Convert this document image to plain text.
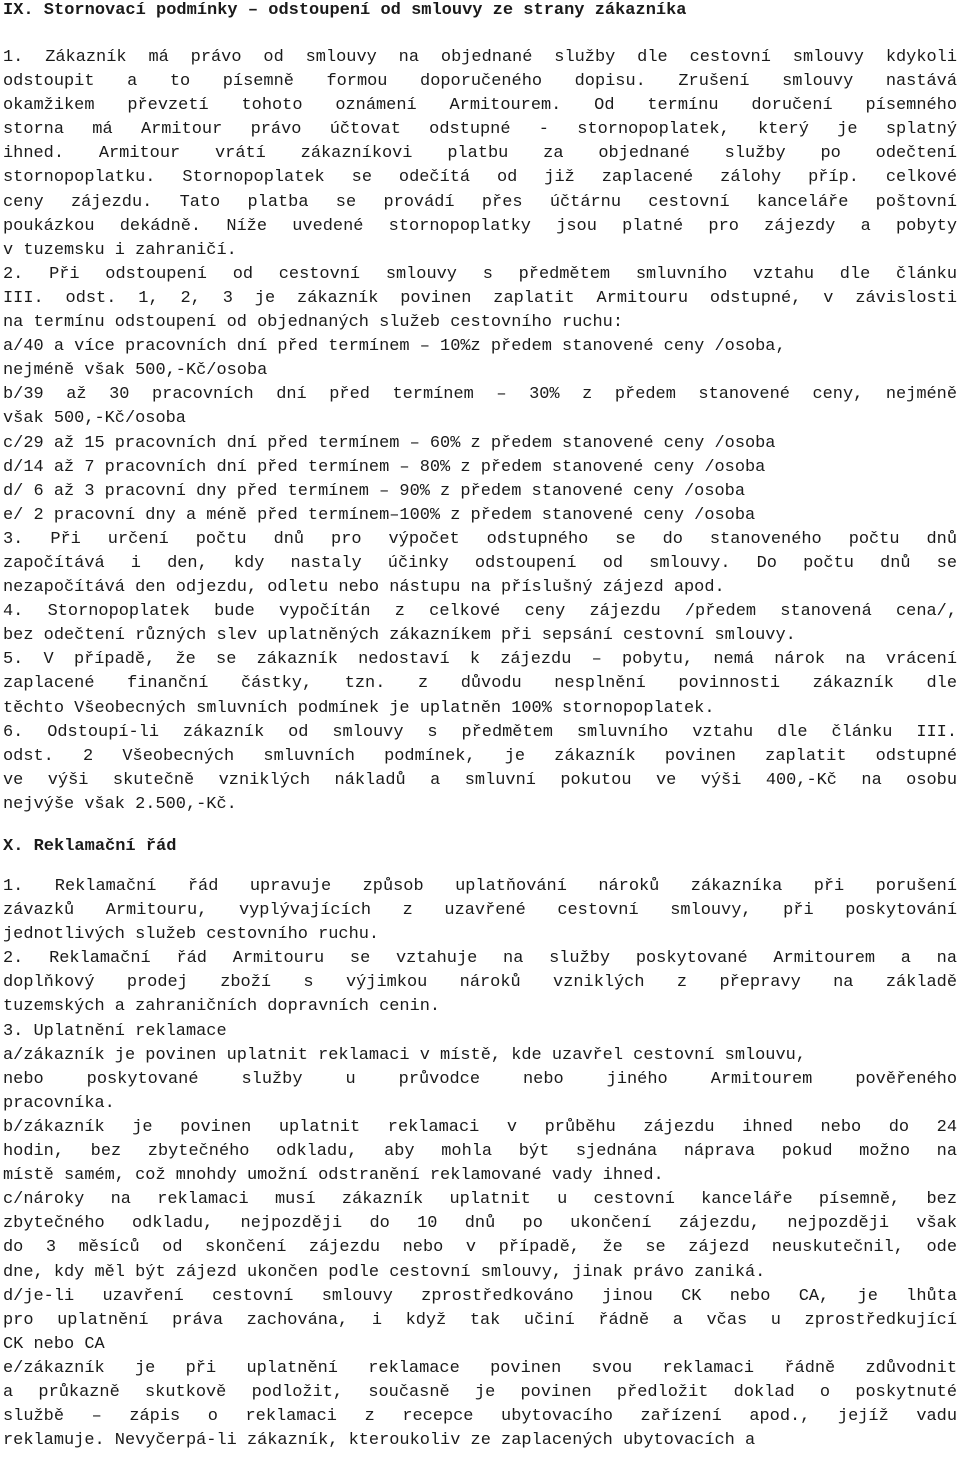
IX. Stornovací podmínky – odstoupení od smlouvy ze strany zákazníka
1. Zákazník má právo od smlouvy na objednané služby dle cestovní smlouvy kdykoli
odstoupit a to písemně formou doporučeného dopisu. Zrušení smlouvy nastává
okamžikem převzetí tohoto oznámení Armitourem. Od termínu doručení písemného
storna má Armitour právo účtovat odstupné - stornopoplatek, který je splatný
ihned. Armitour vrátí zákazníkovi platbu za objednané služby po odečtení
stornopoplatku. Stornopoplatek se odečítá od již zaplacené zálohy příp. celkové
ceny zájezdu. Tato platba se provádí přes účtárnu cestovní kanceláře poštovní
poukázkou dekádně. Níže uvedené stornopoplatky jsou platné pro zájezdy a pobyty
v tuzemsku i zahraničí.
2. Při odstoupení od cestovní smlouvy s předmětem smluvního vztahu dle článku
III. odst. 1, 2, 3 je zákazník povinen zaplatit Armitouru odstupné, v závislosti
na termínu odstoupení od objednaných služeb cestovního ruchu:
a/40 a více pracovních dní před termínem – 10%z předem stanovené ceny /osoba,
nejméně však 500,-Kč/osoba
b/39 až 30 pracovních dní před termínem – 30% z předem stanovené ceny, nejméně
však 500,-Kč/osoba
c/29 až 15 pracovních dní před termínem – 60% z předem stanovené ceny /osoba
d/14 až 7 pracovních dní před termínem – 80% z předem stanovené ceny /osoba
d/ 6 až 3 pracovní dny před termínem – 90% z předem stanovené ceny /osoba
e/ 2 pracovní dny a méně před termínem–100% z předem stanovené ceny /osoba
3. Při určení počtu dnů pro výpočet odstupného se do stanoveného počtu dnů
započítává i den, kdy nastaly účinky odstoupení od smlouvy. Do počtu dnů se
nezapočítává den odjezdu, odletu nebo nástupu na příslušný zájezd apod.
4. Stornopoplatek bude vypočítán z celkové ceny zájezdu /předem stanovená cena/,
bez odečtení různých slev uplatněných zákazníkem při sepsání cestovní smlouvy.
5. V případě, že se zákazník nedostaví k zájezdu – pobytu, nemá nárok na vrácení
zaplacené finanční částky, tzn. z důvodu nesplnění povinnosti zákazník dle
těchto Všeobecných smluvních podmínek je uplatněn 100% stornopoplatek.
6. Odstoupí-li zákazník od smlouvy s předmětem smluvního vztahu dle článku III.
odst. 2 Všeobecných smluvních podmínek, je zákazník povinen zaplatit odstupné
ve výši skutečně vzniklých nákladů a smluvní pokutou ve výši 400,-Kč na osobu
nejvýše však 2.500,-Kč.
X. Reklamační řád
1. Reklamační řád upravuje způsob uplatňování nároků zákazníka při porušení
závazků Armitouru, vyplývajících z uzavřené cestovní smlouvy, při poskytování
jednotlivých služeb cestovního ruchu.
2. Reklamační řád Armitouru se vztahuje na služby poskytované Armitourem a na
doplňkový prodej zboží s výjimkou nároků vzniklých z přepravy na základě
tuzemských a zahraničních dopravních cenin.
3. Uplatnění reklamace
a/zákazník je povinen uplatnit reklamaci v místě, kde uzavřel cestovní smlouvu,
nebo poskytované služby u průvodce nebo jiného Armitourem pověřeného
pracovníka.
b/zákazník je povinen uplatnit reklamaci v průběhu zájezdu ihned nebo do 24
hodin, bez zbytečného odkladu, aby mohla být sjednána náprava pokud možno na
místě samém, což mnohdy umožní odstranění reklamované vady ihned.
c/nároky na reklamaci musí zákazník uplatnit u cestovní kanceláře písemně, bez
zbytečného odkladu, nejpozději do 10 dnů po ukončení zájezdu, nejpozději však
do 3 měsíců od skončení zájezdu nebo v případě, že se zájezd neuskutečnil, ode
dne, kdy měl být zájezd ukončen podle cestovní smlouvy, jinak právo zaniká.
d/je-li uzavření cestovní smlouvy zprostředkováno jinou CK nebo CA, je lhůta
pro uplatnění práva zachována, i když tak učiní řádně a včas u zprostředkující
CK nebo CA
e/zákazník je při uplatnění reklamace povinen svou reklamaci řádně zdůvodnit
a průkazně skutkově podložit, současně je povinen předložit doklad o poskytnuté
službě – zápis o reklamaci z recepce ubytovacího zařízení apod., jejíž vadu
reklamuje. Nevyčerpá-li zákazník, kteroukoliv ze zaplacených ubytovacích a
